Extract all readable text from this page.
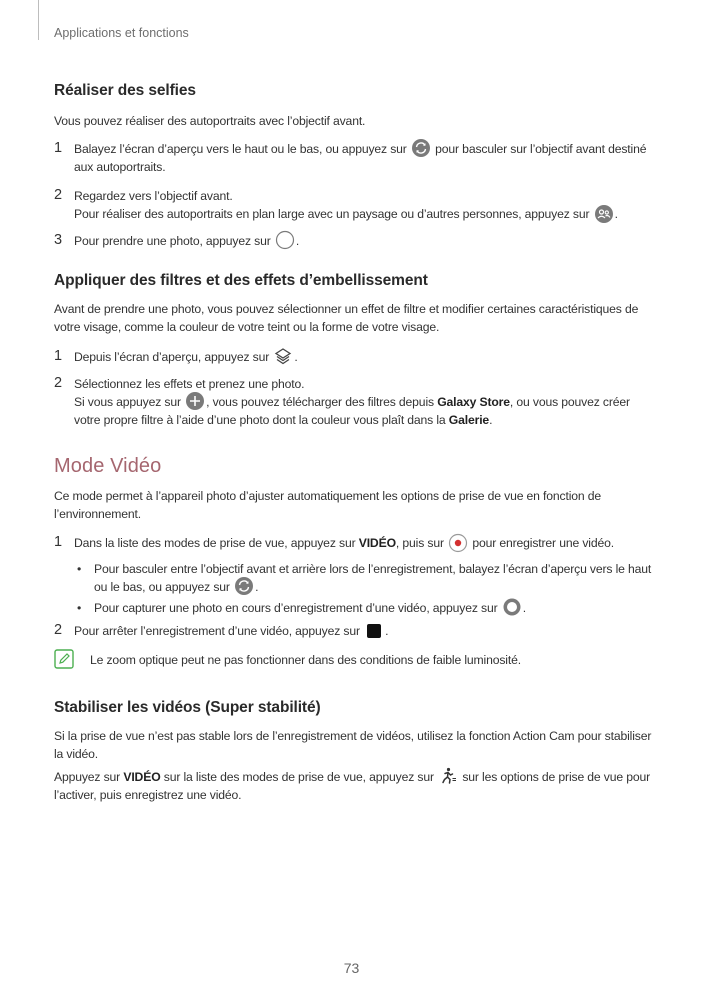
Applications et fonctions
Réaliser des selfies

Vous pouvez réaliser des autoportraits avec l’objectif avant.

1 Balayez l’écran d’aperçu vers le haut ou le bas, ou appuyez sur
pour basculer sur l’objectif avant destiné aux autoportraits.
2 Regardez vers l’objectif avant.
Pour réaliser des autoportraits en plan large avec un paysage ou d’autres personnes, appuyez sur
.
3 Pour prendre une photo, appuyez sur
.
Appliquer des filtres et des effets d’embellissement

Avant de prendre une photo, vous pouvez sélectionner un effet de filtre et modifier certaines caractéristiques de votre visage, comme la couleur de votre teint ou la forme de votre visage.

1 Depuis l’écran d’aperçu, appuyez sur
.
2 Sélectionnez les effets et prenez une photo.
Si vous appuyez sur
, vous pouvez télécharger des filtres depuis Galaxy Store, ou vous pouvez créer votre propre filtre à l’aide d’une photo dont la couleur vous plaît dans la Galerie.
Mode Vidéo

Ce mode permet à l’appareil photo d’ajuster automatiquement les options de prise de vue en fonction de l’environnement.

1 Dans la liste des modes de prise de vue, appuyez sur VIDÉO, puis sur
pour enregistrer une vidéo.
• Pour basculer entre l’objectif avant et arrière lors de l’enregistrement, balayez l’écran d’aperçu vers le haut ou le bas, ou appuyez sur
.
• Pour capturer une photo en cours d’enregistrement d’une vidéo, appuyez sur
.
2 Pour arrêter l’enregistrement d’une vidéo, appuyez sur
.
Le zoom optique peut ne pas fonctionner dans des conditions de faible luminosité.
Stabiliser les vidéos (Super stabilité)

Si la prise de vue n’est pas stable lors de l’enregistrement de vidéos, utilisez la fonction Action Cam pour stabiliser la vidéo.

Appuyez sur VIDÉO sur la liste des modes de prise de vue, appuyez sur
sur les options de prise de vue pour l’activer, puis enregistrez une vidéo.

73
